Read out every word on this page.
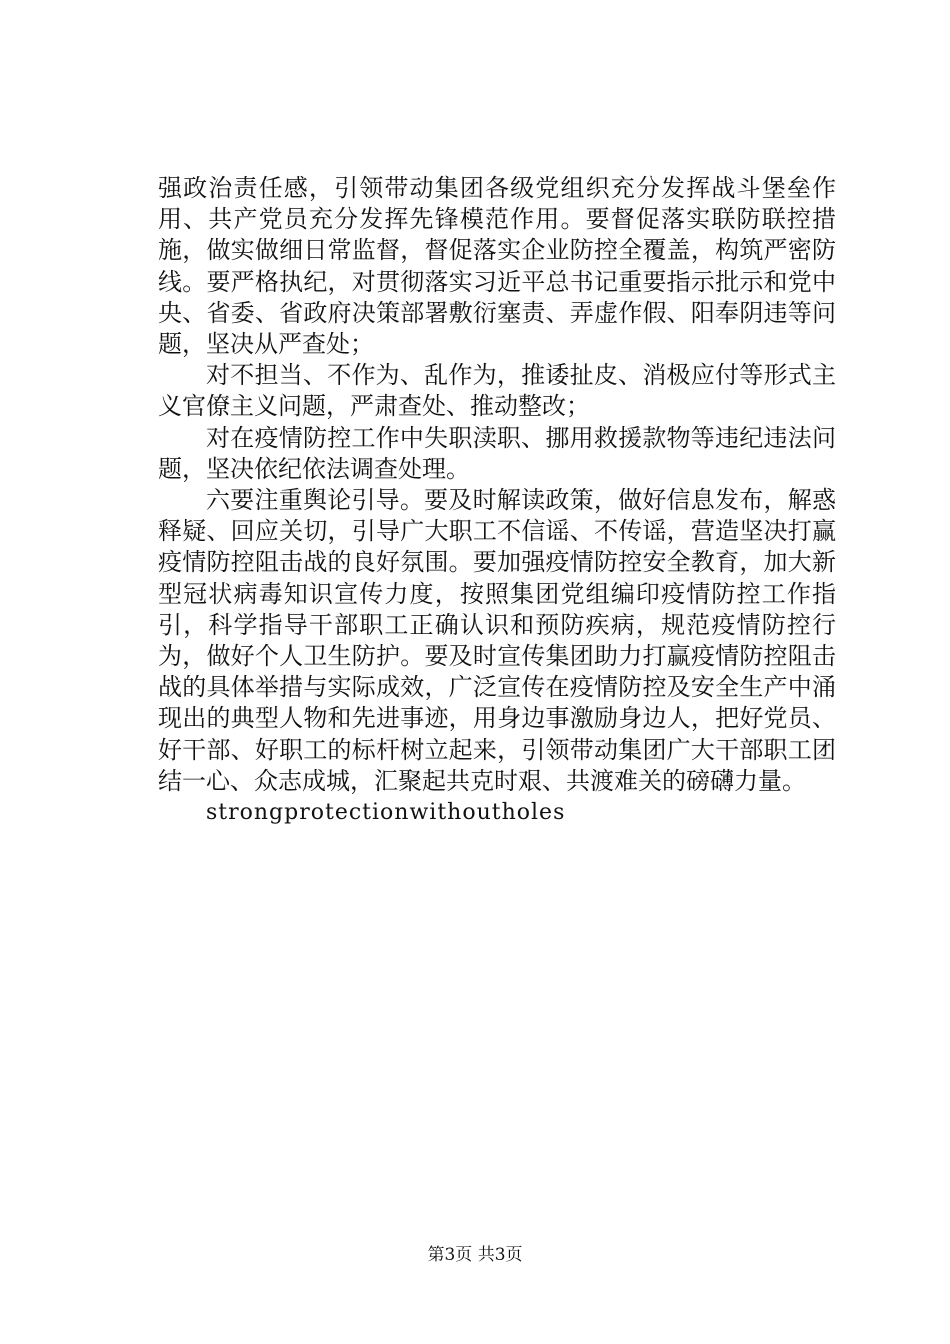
强政治责任感，引领带动集团各级党组织充分发挥战斗堡垒作用、共产党员充分发挥先锋模范作用。要督促落实联防联控措施，做实做细日常监督，督促落实企业防控全覆盖，构筑严密防线。要严格执纪，对贯彻落实习近平总书记重要指示批示和党中央、省委、省政府决策部署敷衍塞责、弄虚作假、阳奉阴违等问题，坚决从严查处；

对不担当、不作为、乱作为，推诿扯皮、消极应付等形式主义官僚主义问题，严肃查处、推动整改；

对在疫情防控工作中失职渎职、挪用救援款物等违纪违法问题，坚决依纪依法调查处理。

六要注重舆论引导。要及时解读政策，做好信息发布，解惑释疑、回应关切，引导广大职工不信谣、不传谣，营造坚决打赢疫情防控阻击战的良好氛围。要加强疫情防控安全教育，加大新型冠状病毒知识宣传力度，按照集团党组编印疫情防控工作指引，科学指导干部职工正确认识和预防疾病，规范疫情防控行为，做好个人卫生防护。要及时宣传集团助力打赢疫情防控阻击战的具体举措与实际成效，广泛宣传在疫情防控及安全生产中涌现出的典型人物和先进事迹，用身边事激励身边人，把好党员、好干部、好职工的标杆树立起来，引领带动集团广大干部职工团结一心、众志成城，汇聚起共克时艰、共渡难关的磅礴力量。

strongprotectionwithoutholes

第3页 共3页
